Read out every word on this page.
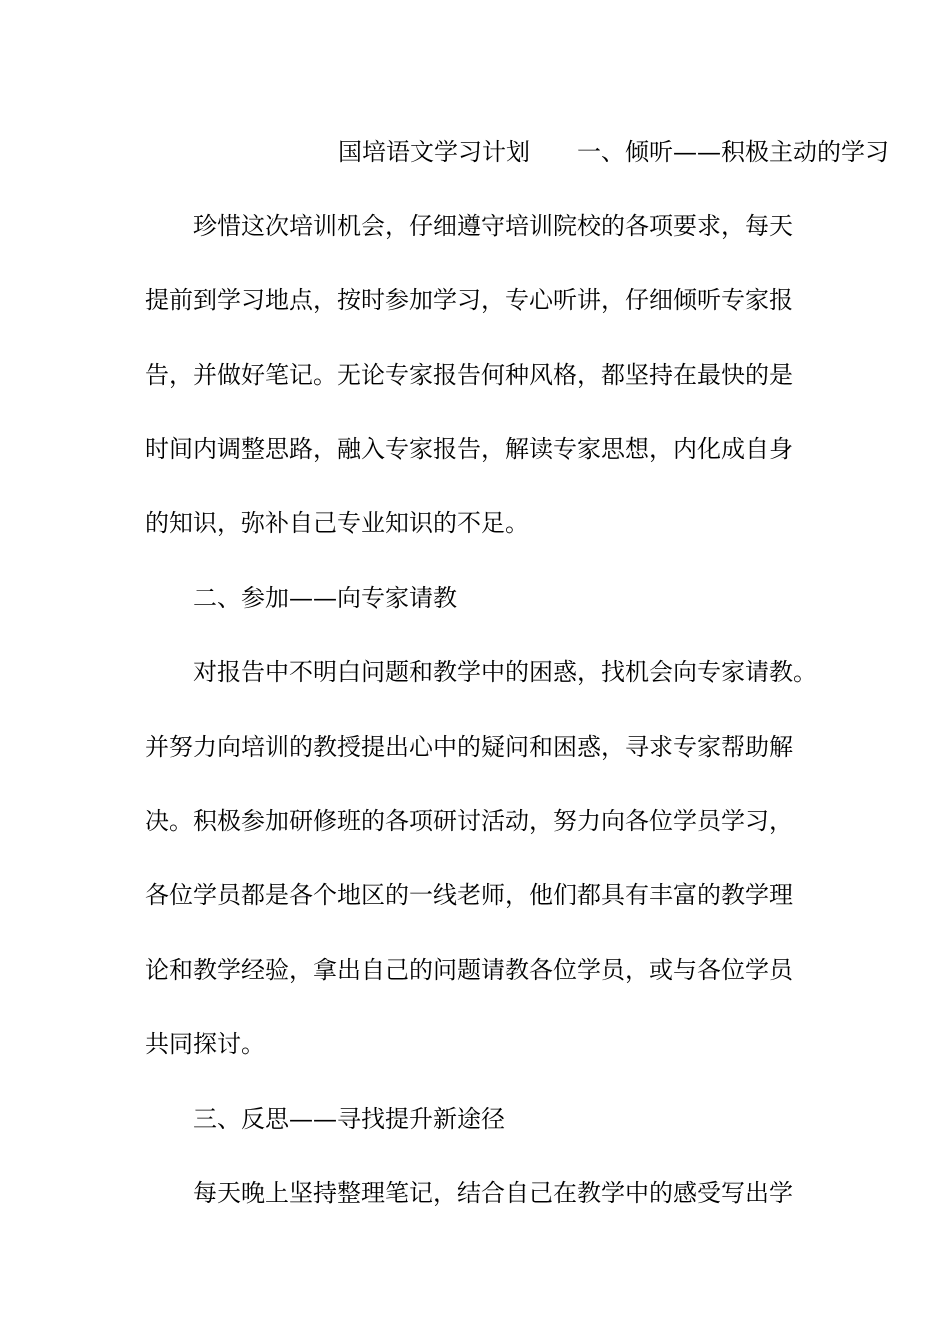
国培语文学习计划 一、倾听——积极主动的学习
珍惜这次培训机会，仔细遵守培训院校的各项要求，每天
提前到学习地点，按时参加学习，专心听讲，仔细倾听专家报
告，并做好笔记。无论专家报告何种风格，都坚持在最快的是
时间内调整思路，融入专家报告，解读专家思想，内化成自身
的知识，弥补自己专业知识的不足。
二、参加——向专家请教
对报告中不明白问题和教学中的困惑，找机会向专家请教。
并努力向培训的教授提出心中的疑问和困惑，寻求专家帮助解
决。积极参加研修班的各项研讨活动，努力向各位学员学习，
各位学员都是各个地区的一线老师，他们都具有丰富的教学理
论和教学经验，拿出自己的问题请教各位学员，或与各位学员
共同探讨。
三、反思——寻找提升新途径
每天晚上坚持整理笔记，结合自己在教学中的感受写出学
